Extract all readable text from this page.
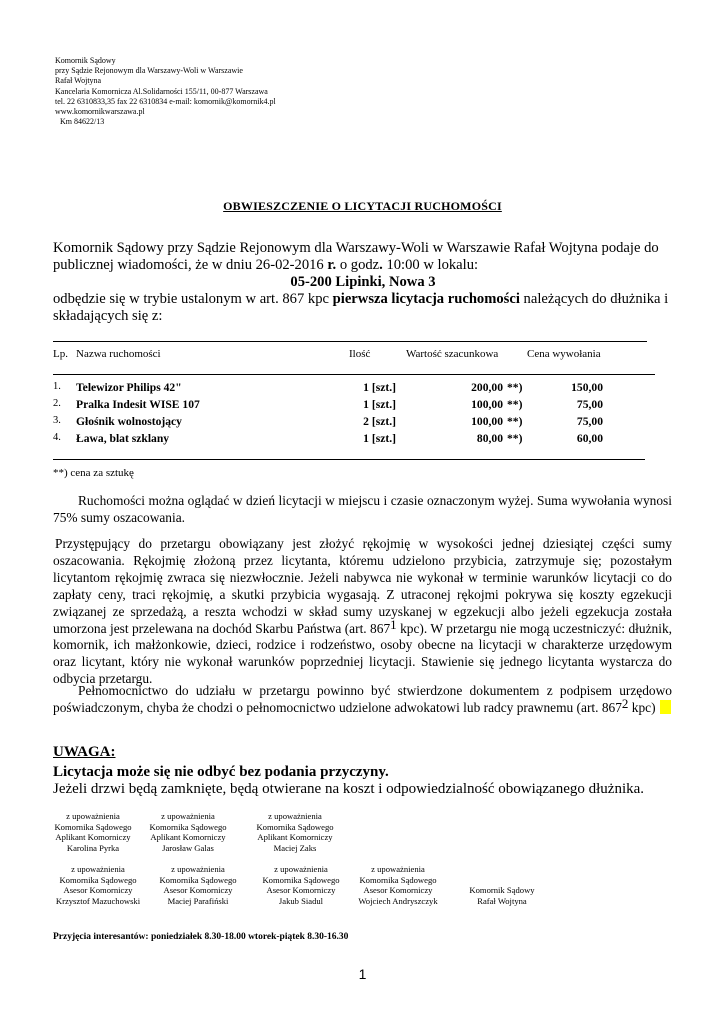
Komornik Sądowy
przy Sądzie Rejonowym dla Warszawy-Woli w Warszawie
Rafał Wojtyna
Kancelaria Komornicza Al.Solidarności 155/11, 00-877 Warszawa
tel. 22 6310833,35 fax 22 6310834 e-mail: komornik@komornik4.pl
www.komornikwarszawa.pl
Km 84622/13
OBWIESZCZENIE O LICYTACJI RUCHOMOŚCI
Komornik Sądowy przy Sądzie Rejonowym dla Warszawy-Woli w Warszawie Rafał Wojtyna podaje do publicznej wiadomości, że w dniu 26-02-2016 r. o godz. 10:00 w lokalu:
05-200 Lipinki, Nowa 3
odbędzie się w trybie ustalonym w art. 867 kpc pierwsza licytacja ruchomości należących do dłużnika i składających się z:
Lp. Nazwa ruchomości	Ilość	Wartość szacunkowa	Cena wywołania
1. Telewizor Philips 42"	1 [szt.]	200,00 **)	150,00
2. Pralka Indesit WISE 107	1 [szt.]	100,00 **)	75,00
3. Głośnik wolnostojący	2 [szt.]	100,00 **)	75,00
4. Ława, blat szklany	1 [szt.]	80,00 **)	60,00
**) cena za sztukę
Ruchomości można oglądać w dzień licytacji w miejscu i czasie oznaczonym wyżej. Suma wywołania wynosi 75% sumy oszacowania.
Przystępujący do przetargu obowiązany jest złożyć rękojmię w wysokości jednej dziesiątej części sumy oszacowania. Rękojmię złożoną przez licytanta, któremu udzielono przybicia, zatrzymuje się; pozostałym licytantom rękojmię zwraca się niezwłocznie. Jeżeli nabywca nie wykonał w terminie warunków licytacji co do zapłaty ceny, traci rękojmię, a skutki przybicia wygasają. Z utraconej rękojmi pokrywa się koszty egzekucji związanej ze sprzedażą, a reszta wchodzi w skład sumy uzyskanej w egzekucji albo jeżeli egzekucja została umorzona jest przelewana na dochód Skarbu Państwa (art. $867^1$ kpc). W przetargu nie mogą uczestniczyć: dłużnik, komornik, ich małżonkowie, dzieci, rodzice i rodzeństwo, osoby obecne na licytacji w charakterze urzędowym oraz licytant, który nie wykonał warunków poprzedniej licytacji. Stawienie się jednego licytanta wystarcza do odbycia przetargu.
Pełnomocnictwo do udziału w przetargu powinno być stwierdzone dokumentem z podpisem urzędowo poświadczonym, chyba że chodzi o pełnomocnictwo udzielone adwokatowi lub radcy prawnemu (art. $867^2$ kpc)
UWAGA:
Licytacja może się nie odbyć bez podania przyczyny.
Jeżeli drzwi będą zamknięte, będą otwierane na koszt i odpowiedzialność obowiązanego dłużnika.
z upoważnienia
Komornika Sądowego
Aplikant Komorniczy
Karolina Pyrka
z upoważnienia
Komornika Sądowego
Aplikant Komorniczy
Jarosław Galas
z upoważnienia
Komornika Sądowego
Aplikant Komorniczy
Maciej Zaks
z upoważnienia
Komornika Sądowego
Asesor Komorniczy
Krzysztof Mazuchowski
z upoważnienia
Komornika Sądowego
Asesor Komorniczy
Maciej Parafiński
z upoważnienia
Komornika Sądowego
Asesor Komorniczy
Jakub Siadul
z upoważnienia
Komornika Sądowego
Asesor Komorniczy
Wojciech Andryszczyk
Komornik Sądowy
Rafał Wojtyna
Przyjęcia interesantów: poniedziałek 8.30-18.00 wtorek-piątek 8.30-16.30
1
